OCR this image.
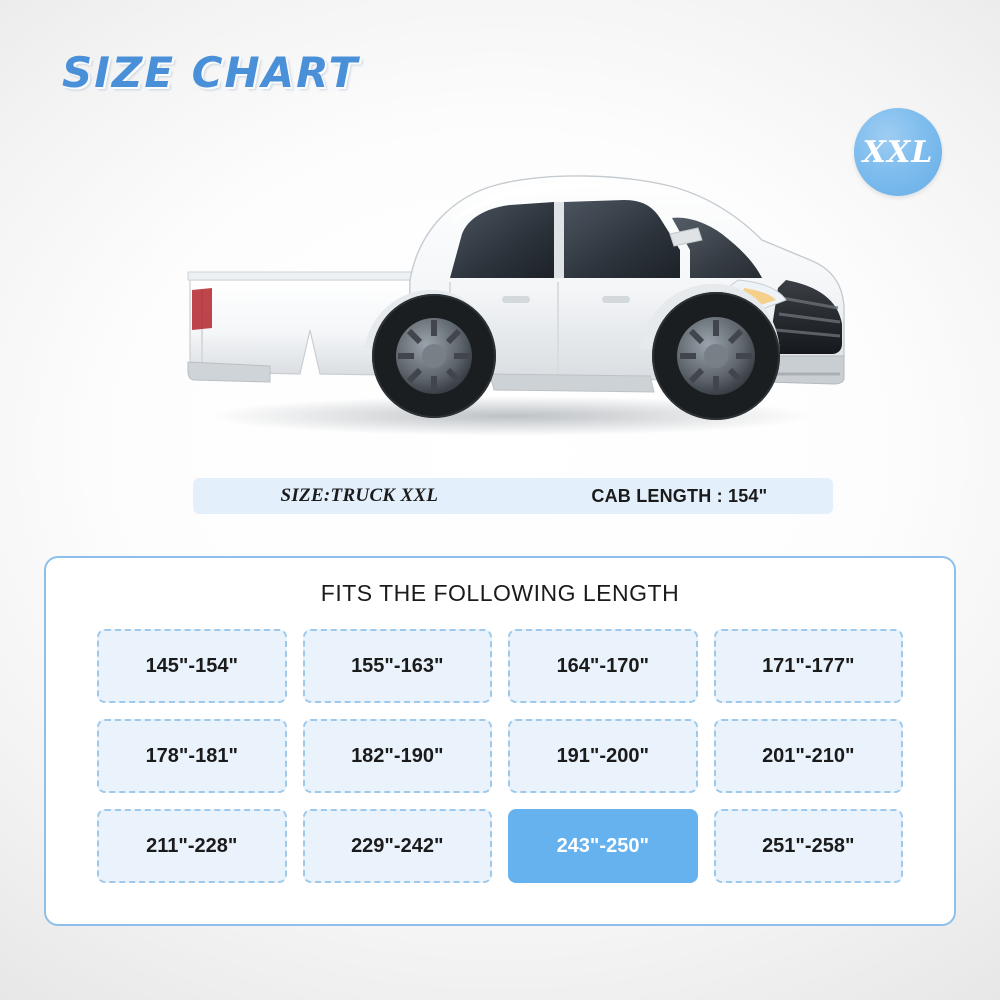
SIZE CHART
XXL
SIZE:TRUCK XXL	CAB LENGTH : 154"
FITS THE FOLLOWING LENGTH
145"-154"	155"-163"	164"-170"	171"-177"
178"-181"	182"-190"	191"-200"	201"-210"
211"-228"	229"-242"	243"-250"	251"-258"
